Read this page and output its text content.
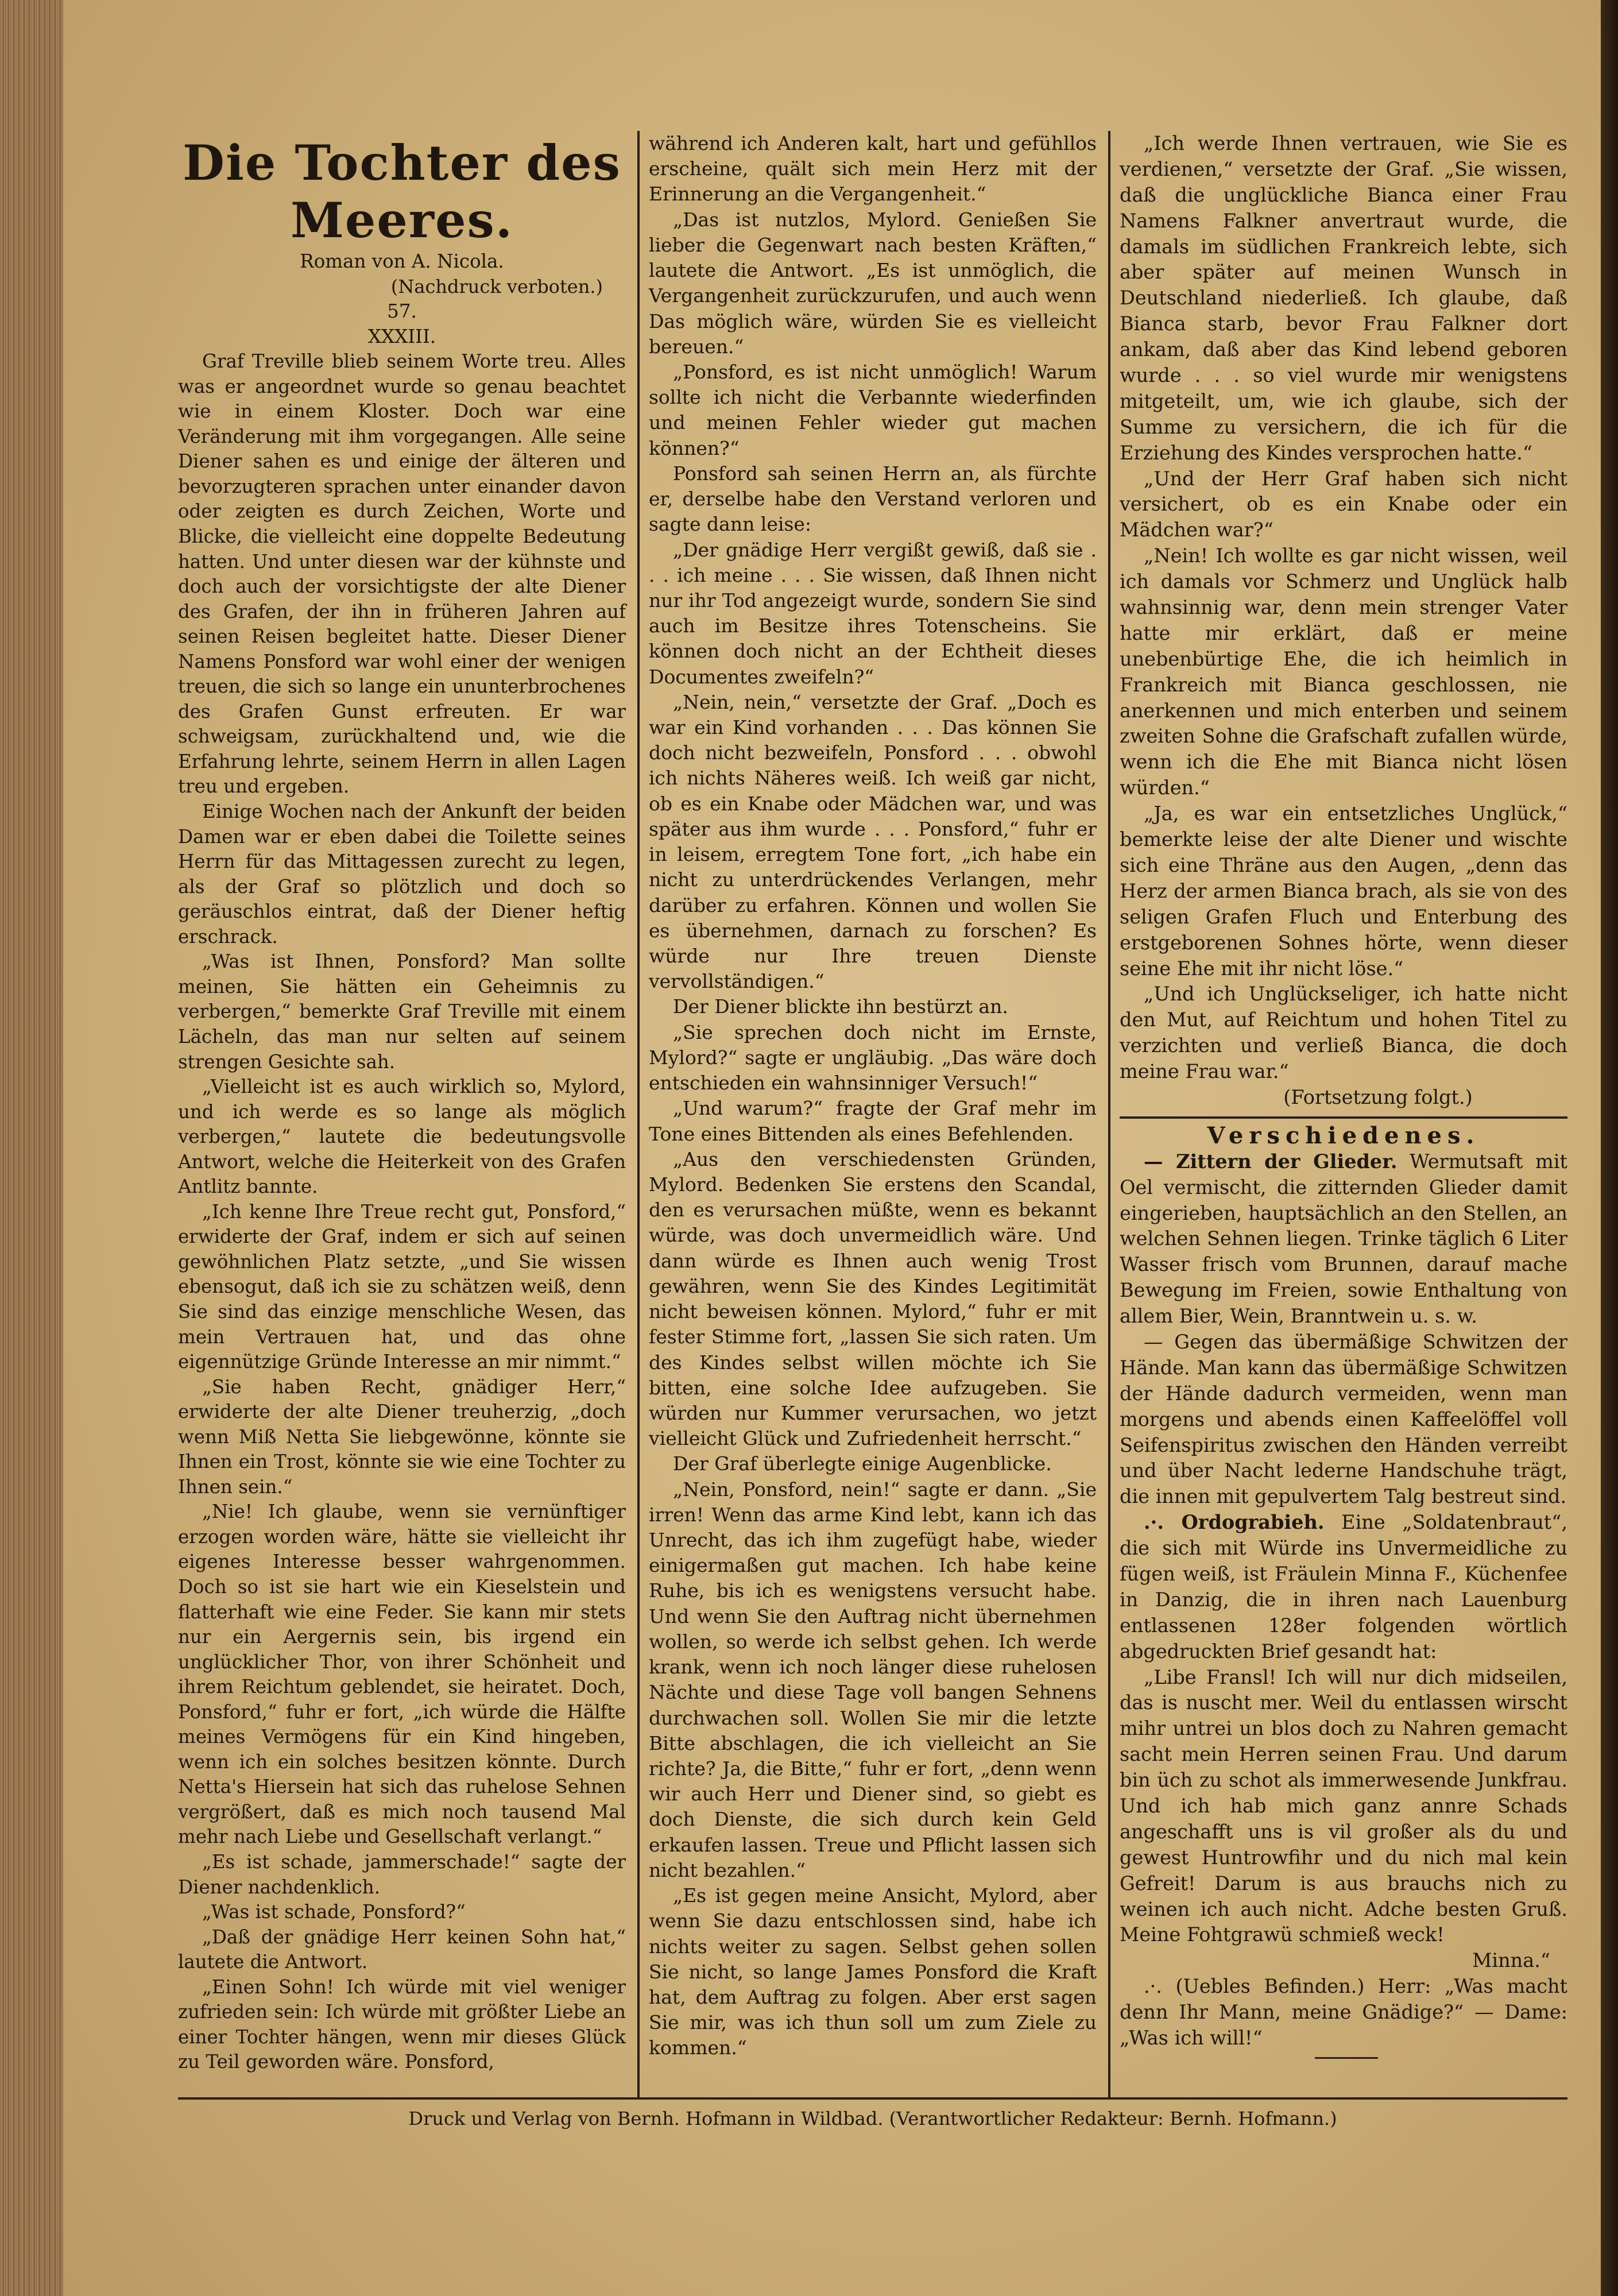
Die Tochter des Meeres.

Roman von A. Nicola.

(Nachdruck verboten.)

57.

XXXIII.

Graf Treville blieb seinem Worte treu. Alles was er angeordnet wurde so genau beachtet wie in einem Kloster. Doch war eine Veränderung mit ihm vorgegangen. Alle seine Diener sahen es und einige der älteren und bevorzugteren sprachen unter einander davon oder zeigten es durch Zeichen, Worte und Blicke, die vielleicht eine doppelte Bedeutung hatten. Und unter diesen war der kühnste und doch auch der vorsichtigste der alte Diener des Grafen, der ihn in früheren Jahren auf seinen Reisen begleitet hatte. Dieser Diener Namens Ponsford war wohl einer der wenigen treuen, die sich so lange ein ununterbrochenes des Grafen Gunst erfreuten. Er war schweigsam, zurückhaltend und, wie die Erfahrung lehrte, seinem Herrn in allen Lagen treu und ergeben.

Einige Wochen nach der Ankunft der beiden Damen war er eben dabei die Toilette seines Herrn für das Mittagessen zurecht zu legen, als der Graf so plötzlich und doch so geräuschlos eintrat, daß der Diener heftig erschrack.

„Was ist Ihnen, Ponsford? Man sollte meinen, Sie hätten ein Geheimnis zu verbergen,“ bemerkte Graf Treville mit einem Lächeln, das man nur selten auf seinem strengen Gesichte sah.

„Vielleicht ist es auch wirklich so, Mylord, und ich werde es so lange als möglich verbergen,“ lautete die bedeutungsvolle Antwort, welche die Heiterkeit von des Grafen Antlitz bannte.

„Ich kenne Ihre Treue recht gut, Ponsford,“ erwiderte der Graf, indem er sich auf seinen gewöhnlichen Platz setzte, „und Sie wissen ebensogut, daß ich sie zu schätzen weiß, denn Sie sind das einzige menschliche Wesen, das mein Vertrauen hat, und das ohne eigennützige Gründe Interesse an mir nimmt.“

„Sie haben Recht, gnädiger Herr,“ erwiderte der alte Diener treuherzig, „doch wenn Miß Netta Sie liebgewönne, könnte sie Ihnen ein Trost, könnte sie wie eine Tochter zu Ihnen sein.“

„Nie! Ich glaube, wenn sie vernünftiger erzogen worden wäre, hätte sie vielleicht ihr eigenes Interesse besser wahrgenommen. Doch so ist sie hart wie ein Kieselstein und flatterhaft wie eine Feder. Sie kann mir stets nur ein Aergernis sein, bis irgend ein unglücklicher Thor, von ihrer Schönheit und ihrem Reichtum geblendet, sie heiratet. Doch, Ponsford,“ fuhr er fort, „ich würde die Hälfte meines Vermögens für ein Kind hingeben, wenn ich ein solches besitzen könnte. Durch Netta's Hiersein hat sich das ruhelose Sehnen vergrößert, daß es mich noch tausend Mal mehr nach Liebe und Gesellschaft verlangt.“

„Es ist schade, jammerschade!“ sagte der Diener nachdenklich.

„Was ist schade, Ponsford?“

„Daß der gnädige Herr keinen Sohn hat,“ lautete die Antwort.

„Einen Sohn! Ich würde mit viel weniger zufrieden sein: Ich würde mit größter Liebe an einer Tochter hängen, wenn mir dieses Glück zu Teil geworden wäre. Ponsford,

während ich Anderen kalt, hart und gefühllos erscheine, quält sich mein Herz mit der Erinnerung an die Vergangenheit.“

„Das ist nutzlos, Mylord. Genießen Sie lieber die Gegenwart nach besten Kräften,“ lautete die Antwort. „Es ist unmöglich, die Vergangenheit zurückzurufen, und auch wenn Das möglich wäre, würden Sie es vielleicht bereuen.“

„Ponsford, es ist nicht unmöglich! Warum sollte ich nicht die Verbannte wiederfinden und meinen Fehler wieder gut machen können?“

Ponsford sah seinen Herrn an, als fürchte er, derselbe habe den Verstand verloren und sagte dann leise:

„Der gnädige Herr vergißt gewiß, daß sie . . . ich meine . . . Sie wissen, daß Ihnen nicht nur ihr Tod angezeigt wurde, sondern Sie sind auch im Besitze ihres Totenscheins. Sie können doch nicht an der Echtheit dieses Documentes zweifeln?“

„Nein, nein,“ versetzte der Graf. „Doch es war ein Kind vorhanden . . . Das können Sie doch nicht bezweifeln, Ponsford . . . obwohl ich nichts Näheres weiß. Ich weiß gar nicht, ob es ein Knabe oder Mädchen war, und was später aus ihm wurde . . . Ponsford,“ fuhr er in leisem, erregtem Tone fort, „ich habe ein nicht zu unterdrückendes Verlangen, mehr darüber zu erfahren. Können und wollen Sie es übernehmen, darnach zu forschen? Es würde nur Ihre treuen Dienste vervollständigen.“

Der Diener blickte ihn bestürzt an.

„Sie sprechen doch nicht im Ernste, Mylord?“ sagte er ungläubig. „Das wäre doch entschieden ein wahnsinniger Versuch!“

„Und warum?“ fragte der Graf mehr im Tone eines Bittenden als eines Befehlenden.

„Aus den verschiedensten Gründen, Mylord. Bedenken Sie erstens den Scandal, den es verursachen müßte, wenn es bekannt würde, was doch unvermeidlich wäre. Und dann würde es Ihnen auch wenig Trost gewähren, wenn Sie des Kindes Legitimität nicht beweisen können. Mylord,“ fuhr er mit fester Stimme fort, „lassen Sie sich raten. Um des Kindes selbst willen möchte ich Sie bitten, eine solche Idee aufzugeben. Sie würden nur Kummer verursachen, wo jetzt vielleicht Glück und Zufriedenheit herrscht.“

Der Graf überlegte einige Augenblicke.

„Nein, Ponsford, nein!“ sagte er dann. „Sie irren! Wenn das arme Kind lebt, kann ich das Unrecht, das ich ihm zugefügt habe, wieder einigermaßen gut machen. Ich habe keine Ruhe, bis ich es wenigstens versucht habe. Und wenn Sie den Auftrag nicht übernehmen wollen, so werde ich selbst gehen. Ich werde krank, wenn ich noch länger diese ruhelosen Nächte und diese Tage voll bangen Sehnens durchwachen soll. Wollen Sie mir die letzte Bitte abschlagen, die ich vielleicht an Sie richte? Ja, die Bitte,“ fuhr er fort, „denn wenn wir auch Herr und Diener sind, so giebt es doch Dienste, die sich durch kein Geld erkaufen lassen. Treue und Pflicht lassen sich nicht bezahlen.“

„Es ist gegen meine Ansicht, Mylord, aber wenn Sie dazu entschlossen sind, habe ich nichts weiter zu sagen. Selbst gehen sollen Sie nicht, so lange James Ponsford die Kraft hat, dem Auftrag zu folgen. Aber erst sagen Sie mir, was ich thun soll um zum Ziele zu kommen.“

„Ich werde Ihnen vertrauen, wie Sie es verdienen,“ versetzte der Graf. „Sie wissen, daß die unglückliche Bianca einer Frau Namens Falkner anvertraut wurde, die damals im südlichen Frankreich lebte, sich aber später auf meinen Wunsch in Deutschland niederließ. Ich glaube, daß Bianca starb, bevor Frau Falkner dort ankam, daß aber das Kind lebend geboren wurde . . . so viel wurde mir wenigstens mitgeteilt, um, wie ich glaube, sich der Summe zu versichern, die ich für die Erziehung des Kindes versprochen hatte.“

„Und der Herr Graf haben sich nicht versichert, ob es ein Knabe oder ein Mädchen war?“

„Nein! Ich wollte es gar nicht wissen, weil ich damals vor Schmerz und Unglück halb wahnsinnig war, denn mein strenger Vater hatte mir erklärt, daß er meine unebenbürtige Ehe, die ich heimlich in Frankreich mit Bianca geschlossen, nie anerkennen und mich enterben und seinem zweiten Sohne die Grafschaft zufallen würde, wenn ich die Ehe mit Bianca nicht lösen würden.“

„Ja, es war ein entsetzliches Unglück,“ bemerkte leise der alte Diener und wischte sich eine Thräne aus den Augen, „denn das Herz der armen Bianca brach, als sie von des seligen Grafen Fluch und Enterbung des erstgeborenen Sohnes hörte, wenn dieser seine Ehe mit ihr nicht löse.“

„Und ich Unglückseliger, ich hatte nicht den Mut, auf Reichtum und hohen Titel zu verzichten und verließ Bianca, die doch meine Frau war.“

(Fortsetzung folgt.)

Verschiedenes.

— Zittern der Glieder. Wermutsaft mit Oel vermischt, die zitternden Glieder damit eingerieben, hauptsächlich an den Stellen, an welchen Sehnen liegen. Trinke täglich 6 Liter Wasser frisch vom Brunnen, darauf mache Bewegung im Freien, sowie Enthaltung von allem Bier, Wein, Branntwein u. s. w.

— Gegen das übermäßige Schwitzen der Hände. Man kann das übermäßige Schwitzen der Hände dadurch vermeiden, wenn man morgens und abends einen Kaffeelöffel voll Seifenspiritus zwischen den Händen verreibt und über Nacht lederne Handschuhe trägt, die innen mit gepulvertem Talg bestreut sind.

.·. Ordograbieh. Eine „Soldatenbraut“, die sich mit Würde ins Unvermeidliche zu fügen weiß, ist Fräulein Minna F., Küchenfee in Danzig, die in ihren nach Lauenburg entlassenen 128er folgenden wörtlich abgedruckten Brief gesandt hat:

„Libe Fransl! Ich will nur dich midseilen, das is nuscht mer. Weil du entlassen wirscht mihr untrei un blos doch zu Nahren gemacht sacht mein Herren seinen Frau. Und darum bin üch zu schot als immerwesende Junkfrau. Und ich hab mich ganz annre Schads angeschafft uns is vil großer als du und gewest Huntrowfihr und du nich mal kein Gefreit! Darum is aus brauchs nich zu weinen ich auch nicht. Adche besten Gruß. Meine Fohtgrawü schmieß weck!

Minna.“

.·. (Uebles Befinden.) Herr: „Was macht denn Ihr Mann, meine Gnädige?“ — Dame: „Was ich will!“

Druck und Verlag von Bernh. Hofmann in Wildbad. (Verantwortlicher Redakteur: Bernh. Hofmann.)
